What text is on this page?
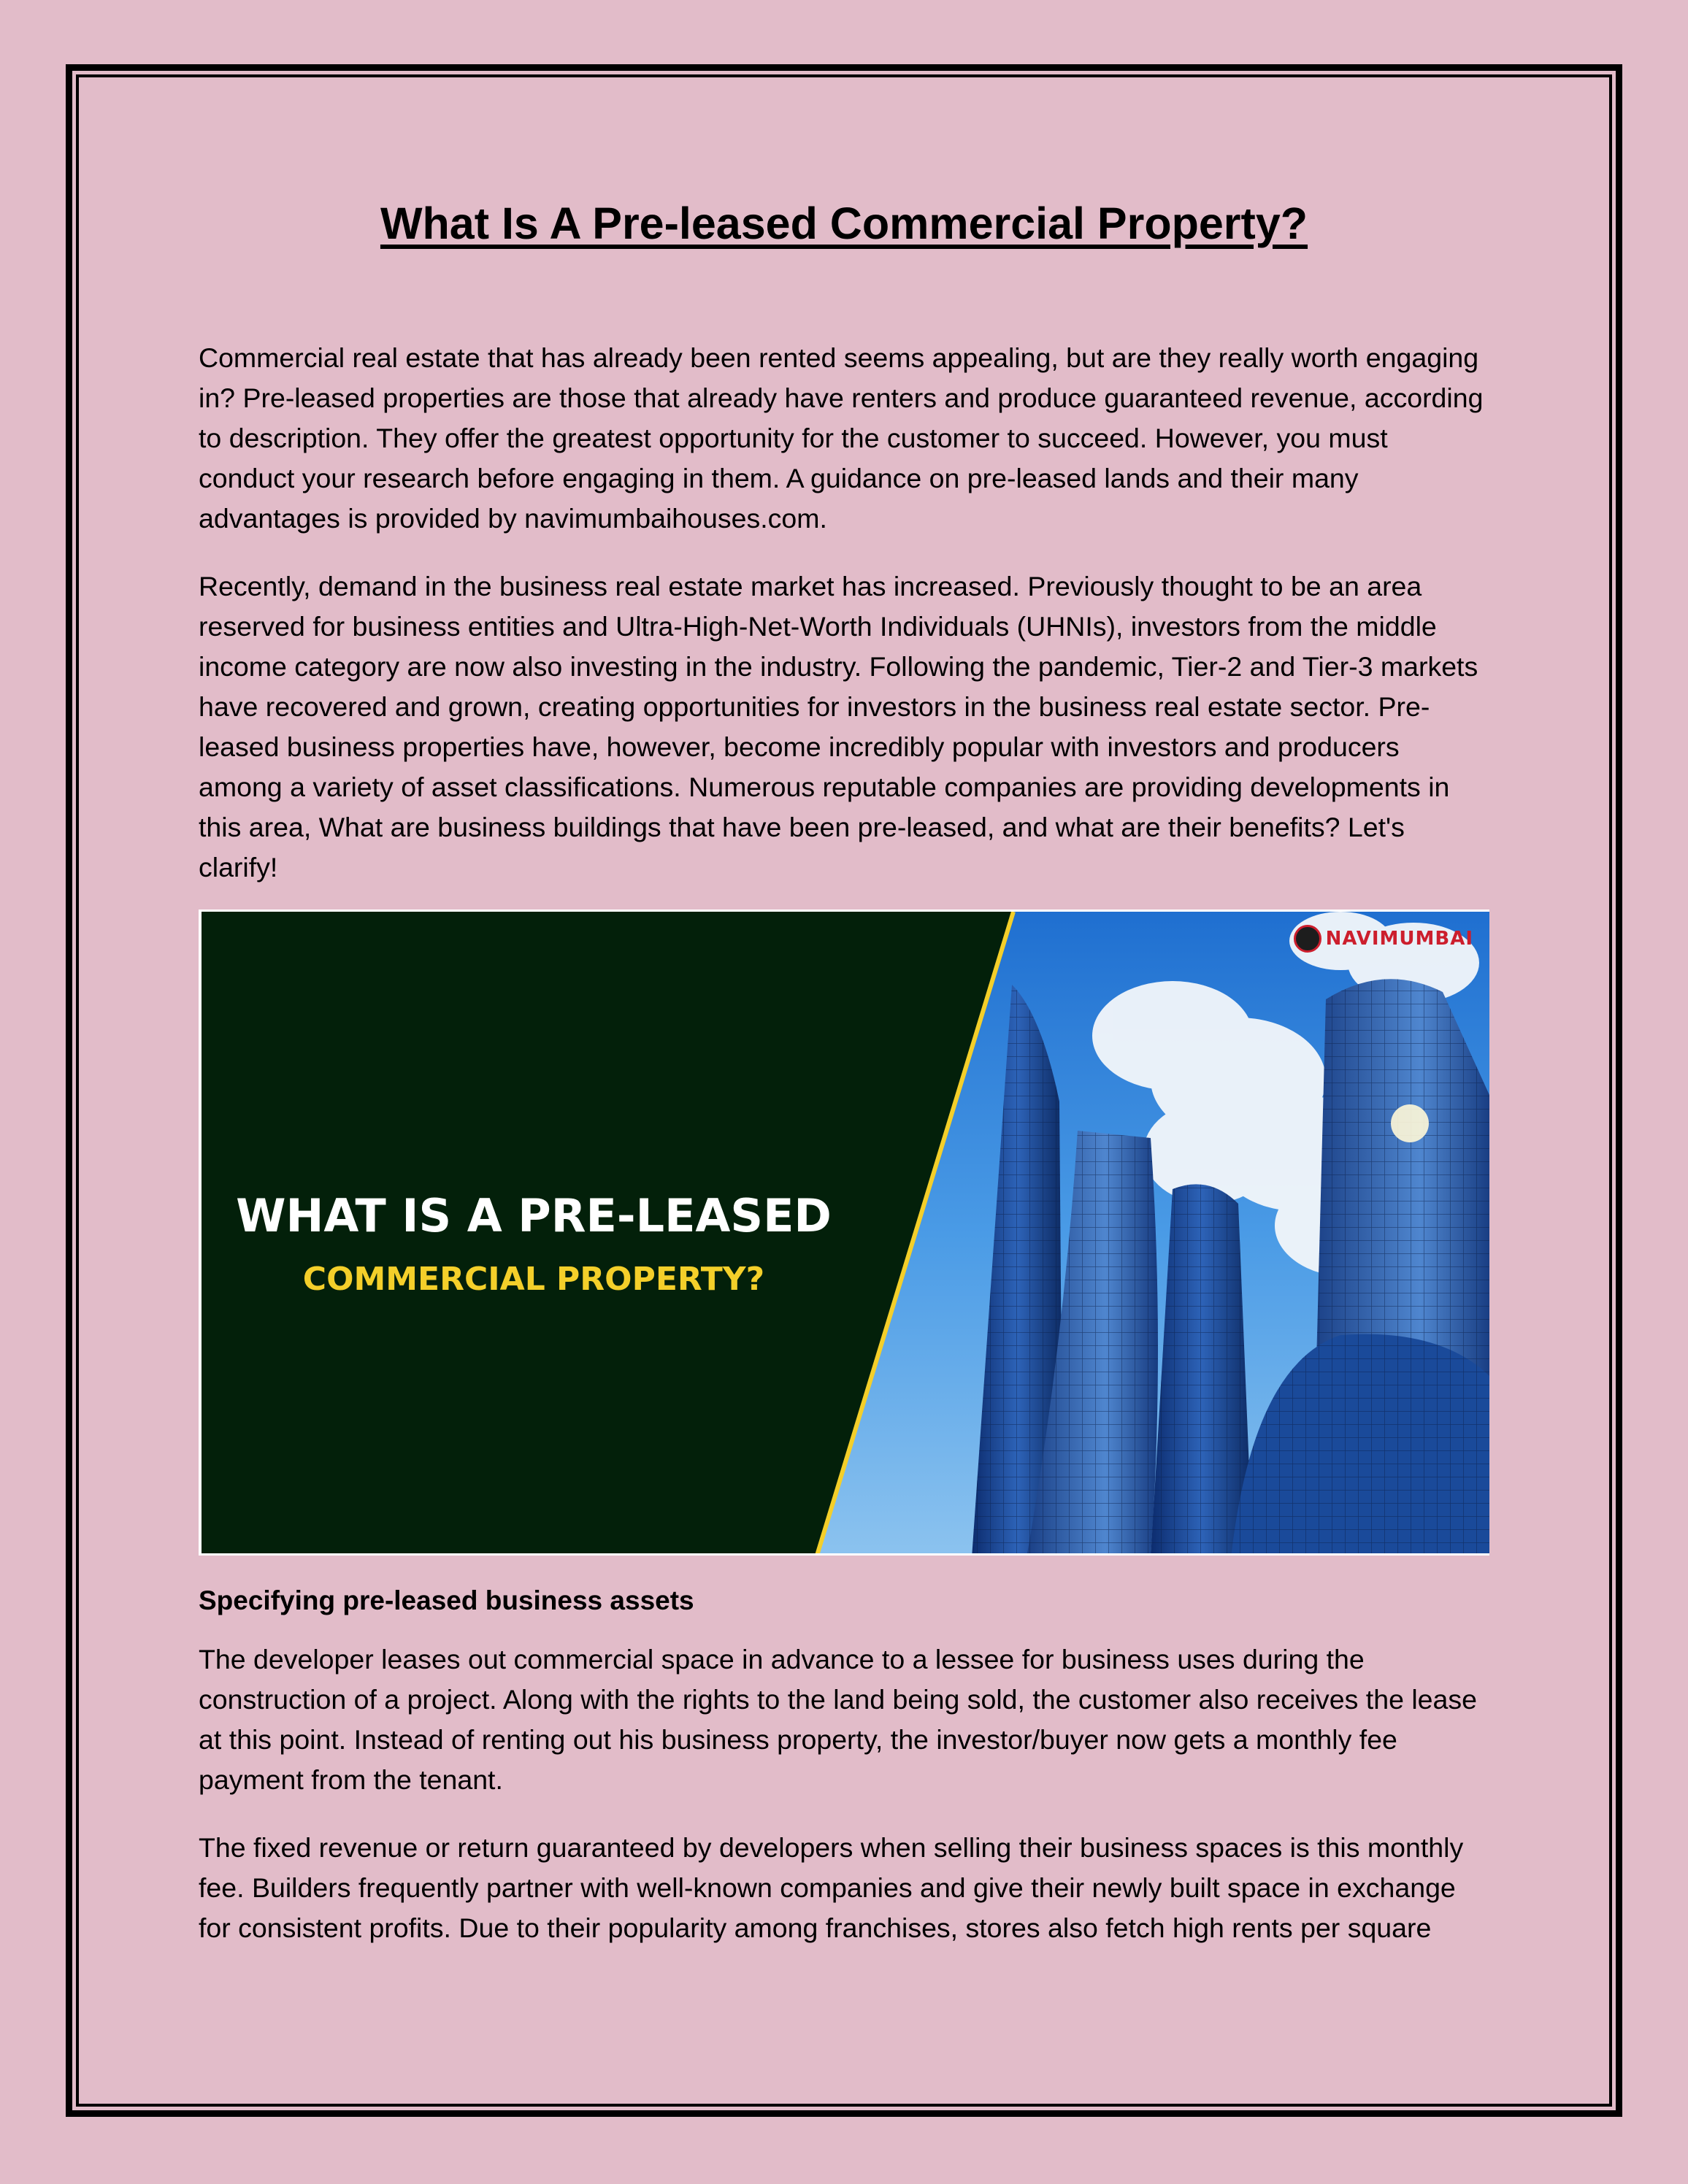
What Is A Pre-leased Commercial Property?

Commercial real estate that has already been rented seems appealing, but are they really worth engaging in? Pre-leased properties are those that already have renters and produce guaranteed revenue, according to description. They offer the greatest opportunity for the customer to succeed. However, you must conduct your research before engaging in them. A guidance on pre-leased lands and their many advantages is provided by navimumbaihouses.com.

Recently, demand in the business real estate market has increased. Previously thought to be an area reserved for business entities and Ultra-High-Net-Worth Individuals (UHNIs), investors from the middle income category are now also investing in the industry. Following the pandemic, Tier-2 and Tier-3 markets have recovered and grown, creating opportunities for investors in the business real estate sector. Pre-leased business properties have, however, become incredibly popular with investors and producers among a variety of asset classifications. Numerous reputable companies are providing developments in this area, What are business buildings that have been pre-leased, and what are their benefits? Let's clarify!

WHAT IS A PRE-LEASED
COMMERCIAL PROPERTY?
NAVIMUMBAI

Specifying pre-leased business assets

The developer leases out commercial space in advance to a lessee for business uses during the construction of a project. Along with the rights to the land being sold, the customer also receives the lease at this point. Instead of renting out his business property, the investor/buyer now gets a monthly fee payment from the tenant.

The fixed revenue or return guaranteed by developers when selling their business spaces is this monthly fee. Builders frequently partner with well-known companies and give their newly built space in exchange for consistent profits. Due to their popularity among franchises, stores also fetch high rents per square
